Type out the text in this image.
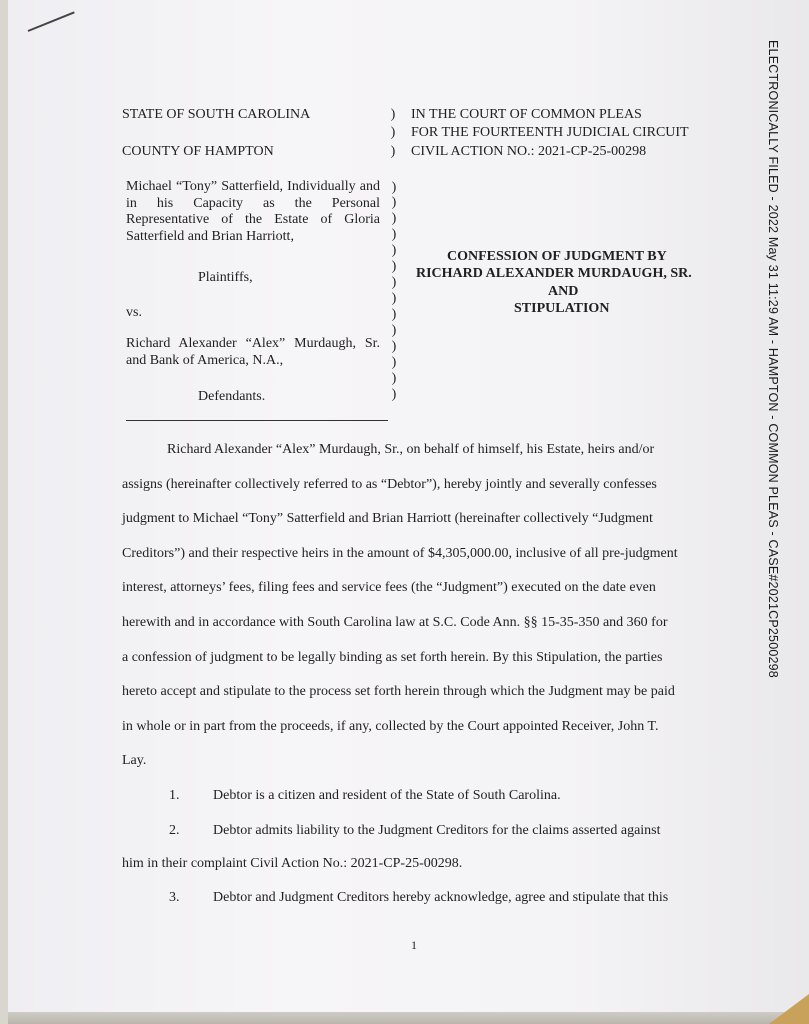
STATE OF SOUTH CAROLINA
COUNTY OF HAMPTON
IN THE COURT OF COMMON PLEAS
FOR THE FOURTEENTH JUDICIAL CIRCUIT
CIVIL ACTION NO.: 2021-CP-25-00298
)
)
)
Michael “Tony” Satterfield, Individually and in his Capacity as the Personal Representative of the Estate of Gloria Satterfield and Brian Harriott,
Plaintiffs,
vs.
Richard Alexander “Alex” Murdaugh, Sr. and Bank of America, N.A.,
Defendants.
)
)
)
)
)
)
)
)
)
)
)
)
)
)
CONFESSION OF JUDGMENT BY
RICHARD ALEXANDER MURDAUGH, SR.
AND
STIPULATION
Richard Alexander “Alex” Murdaugh, Sr., on behalf of himself, his Estate, heirs and/or
assigns (hereinafter collectively referred to as “Debtor”), hereby jointly and severally confesses
judgment to Michael “Tony” Satterfield and Brian Harriott (hereinafter collectively “Judgment
Creditors”) and their respective heirs in the amount of $4,305,000.00, inclusive of all pre-judgment
interest, attorneys’ fees, filing fees and service fees (the “Judgment”) executed on the date even
herewith and in accordance with South Carolina law at S.C. Code Ann. §§ 15-35-350 and 360 for
a confession of judgment to be legally binding as set forth herein. By this Stipulation, the parties
hereto accept and stipulate to the process set forth herein through which the Judgment may be paid
in whole or in part from the proceeds, if any, collected by the Court appointed Receiver, John T.
Lay.
1. Debtor is a citizen and resident of the State of South Carolina.
2. Debtor admits liability to the Judgment Creditors for the claims asserted against
him in their complaint Civil Action No.: 2021-CP-25-00298.
3. Debtor and Judgment Creditors hereby acknowledge, agree and stipulate that this
1
ELECTRONICALLY FILED - 2022 May 31 11:29 AM - HAMPTON - COMMON PLEAS - CASE#2021CP2500298
